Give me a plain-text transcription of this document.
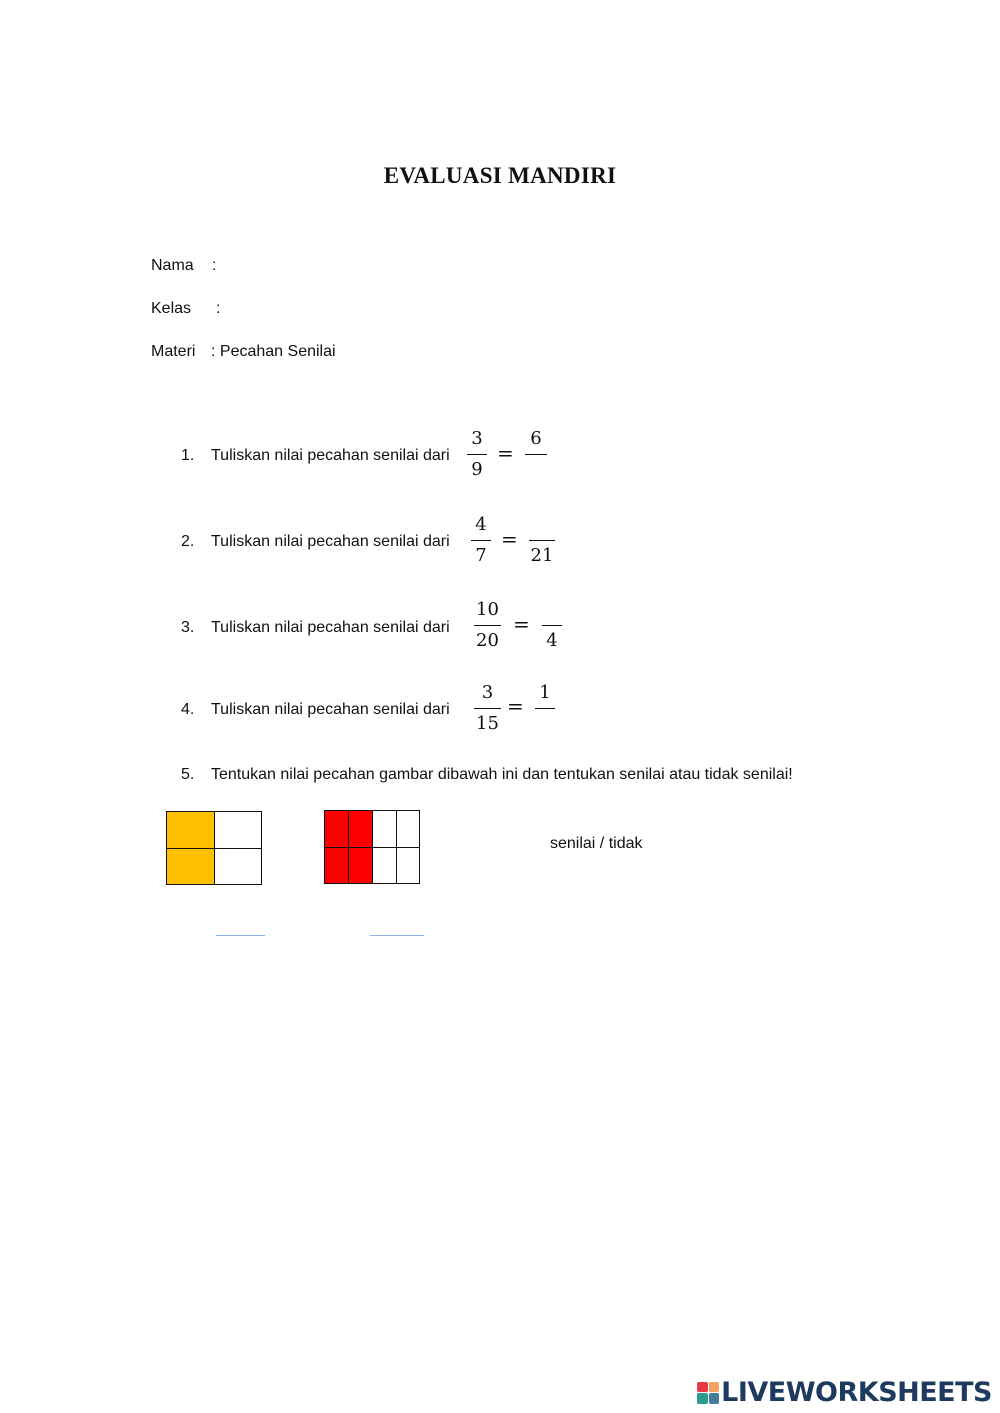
EVALUASI MANDIRI
Nama :
Kelas :
Materi : Pecahan Senilai
1. Tuliskan nilai pecahan senilai dari
3
9
=
6
2. Tuliskan nilai pecahan senilai dari
4
7
=
21
3. Tuliskan nilai pecahan senilai dari
10
20
=
4
4. Tuliskan nilai pecahan senilai dari
3
15
=
1
5. Tentukan nilai pecahan gambar dibawah ini dan tentukan senilai atau tidak senilai!
senilai / tidak
LIVEWORKSHEETS
